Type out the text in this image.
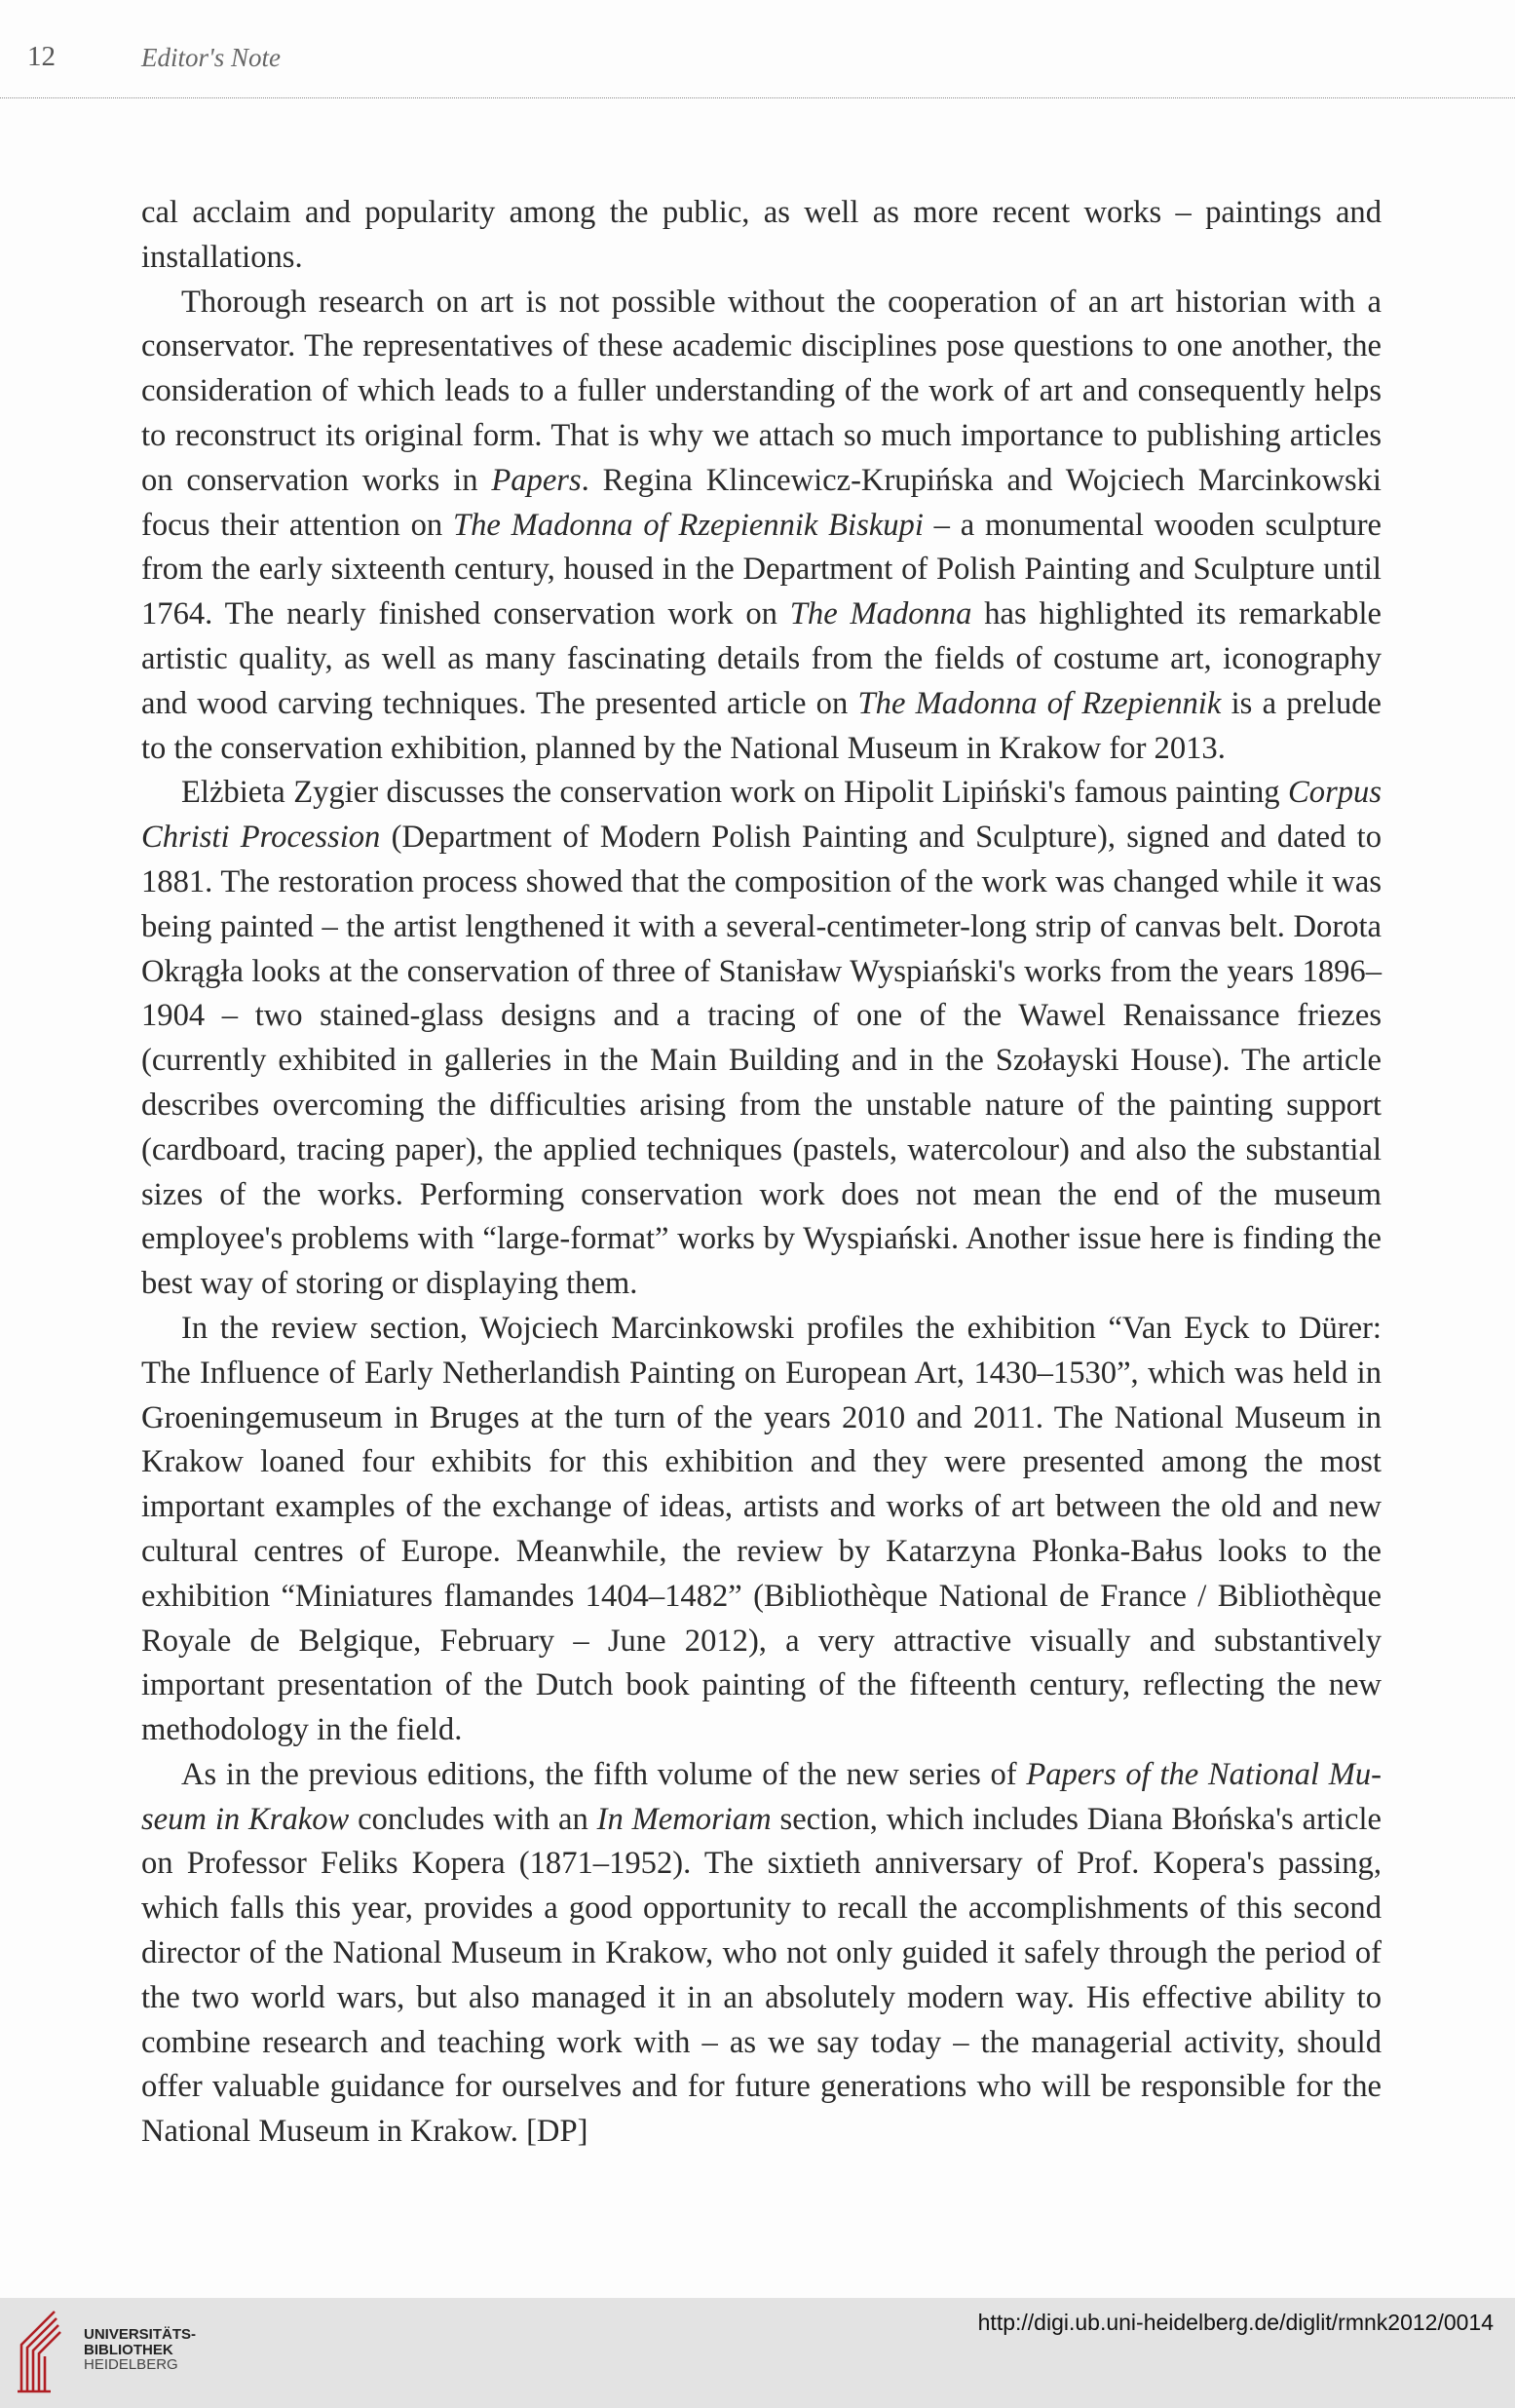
12	Editor's Note

cal acclaim and popularity among the public, as well as more recent works – paintings and installations.

Thorough research on art is not possible without the cooperation of an art historian with a conservator. The representatives of these academic disciplines pose questions to one another, the consideration of which leads to a fuller understanding of the work of art and consequently helps to reconstruct its original form. That is why we attach so much importance to publishing articles on conservation works in Papers. Regina Klincewicz-Krupińska and Wojciech Marcinkowski focus their attention on The Madonna of Rzepiennik Biskupi – a monumental wooden sculpture from the early sixteenth century, housed in the Department of Polish Painting and Sculpture until 1764. The nearly finished conservation work on The Madonna has highlighted its remarkable artistic quality, as well as many fascinating details from the fields of costume art, iconography and wood carving techniques. The presented article on The Madonna of Rzepiennik is a prelude to the conservation exhibition, planned by the National Museum in Krakow for 2013.

Elżbieta Zygier discusses the conservation work on Hipolit Lipiński's famous painting Corpus Christi Procession (Department of Modern Polish Painting and Sculpture), signed and dated to 1881. The restoration process showed that the composition of the work was changed while it was being painted – the artist lengthened it with a several-centimeter-long strip of canvas belt. Dorota Okrągła looks at the conservation of three of Stanisław Wyspiański's works from the years 1896–1904 – two stained-glass designs and a tracing of one of the Wawel Renaissance friezes (currently exhibited in galleries in the Main Building and in the Szołayski House). The article describes overcoming the difficulties arising from the unstable nature of the painting support (cardboard, tracing paper), the applied techniques (pastels, watercolour) and also the substantial sizes of the works. Performing conservation work does not mean the end of the museum employee's problems with “large-format” works by Wyspiański. Another issue here is finding the best way of storing or displaying them.

In the review section, Wojciech Marcinkowski profiles the exhibition “Van Eyck to Dürer: The Influence of Early Netherlandish Painting on European Art, 1430–1530”, which was held in Groeningemuseum in Bruges at the turn of the years 2010 and 2011. The National Museum in Krakow loaned four exhibits for this exhibition and they were presented among the most important examples of the exchange of ideas, artists and works of art between the old and new cultural centres of Europe. Meanwhile, the review by Katarzyna Płonka-Bałus looks to the exhibition “Miniatures flamandes 1404–1482” (Bibliothèque National de France / Bibliothèque Royale de Belgique, February – June 2012), a very attractive visually and substantively important presentation of the Dutch book painting of the fifteenth century, reflecting the new methodology in the field.

As in the previous editions, the fifth volume of the new series of Papers of the National Museum in Krakow concludes with an In Memoriam section, which includes Diana Błońska's article on Professor Feliks Kopera (1871–1952). The sixtieth anniversary of Prof. Kopera's passing, which falls this year, provides a good opportunity to recall the accomplishments of this second director of the National Museum in Krakow, who not only guided it safely through the period of the two world wars, but also managed it in an absolutely modern way. His effective ability to combine research and teaching work with – as we say today – the managerial activity, should offer valuable guidance for ourselves and for future generations who will be responsible for the National Museum in Krakow. [DP]

UNIVERSITÄTS-
BIBLIOTHEK
HEIDELBERG
http://digi.ub.uni-heidelberg.de/diglit/rmnk2012/0014
